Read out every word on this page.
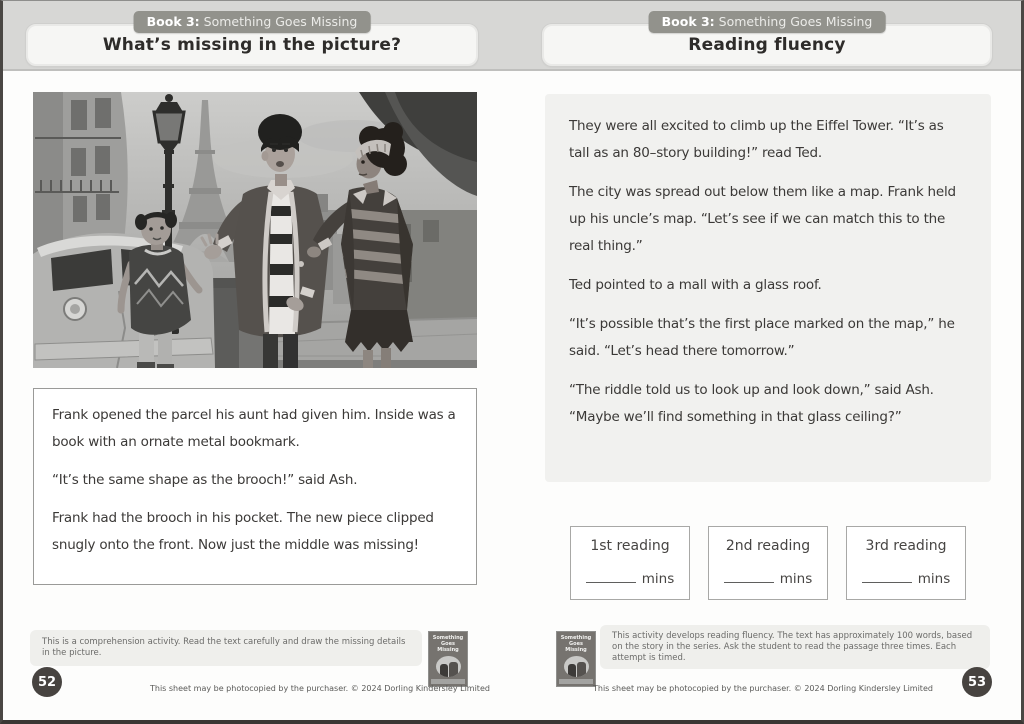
Book 3: Something Goes Missing
What’s missing in the picture?
Book 3: Something Goes Missing
Reading fluency

Frank opened the parcel his aunt had given him. Inside was a book with an ornate metal bookmark.

“It’s the same shape as the brooch!” said Ash.

Frank had the brooch in his pocket. The new piece clipped snugly onto the front. Now just the middle was missing!

They were all excited to climb up the Eiffel Tower. “It’s as tall as an 80–story building!” read Ted.

The city was spread out below them like a map. Frank held up his uncle’s map. “Let’s see if we can match this to the real thing.”

Ted pointed to a mall with a glass roof.

“It’s possible that’s the first place marked on the map,” he said. “Let’s head there tomorrow.”

“The riddle told us to look up and look down,” said Ash. “Maybe we’ll find something in that glass ceiling?”

1st reading
mins
2nd reading
mins
3rd reading
mins
This is a comprehension activity. Read the text carefully and draw the missing details in the picture.
Something Goes Missing
This sheet may be photocopied by the purchaser. © 2024 Dorling Kindersley Limited
52
Something Goes Missing
This activity develops reading fluency. The text has approximately 100 words, based on the story in the series. Ask the student to read the passage three times. Each attempt is timed.
This sheet may be photocopied by the purchaser. © 2024 Dorling Kindersley Limited	53
